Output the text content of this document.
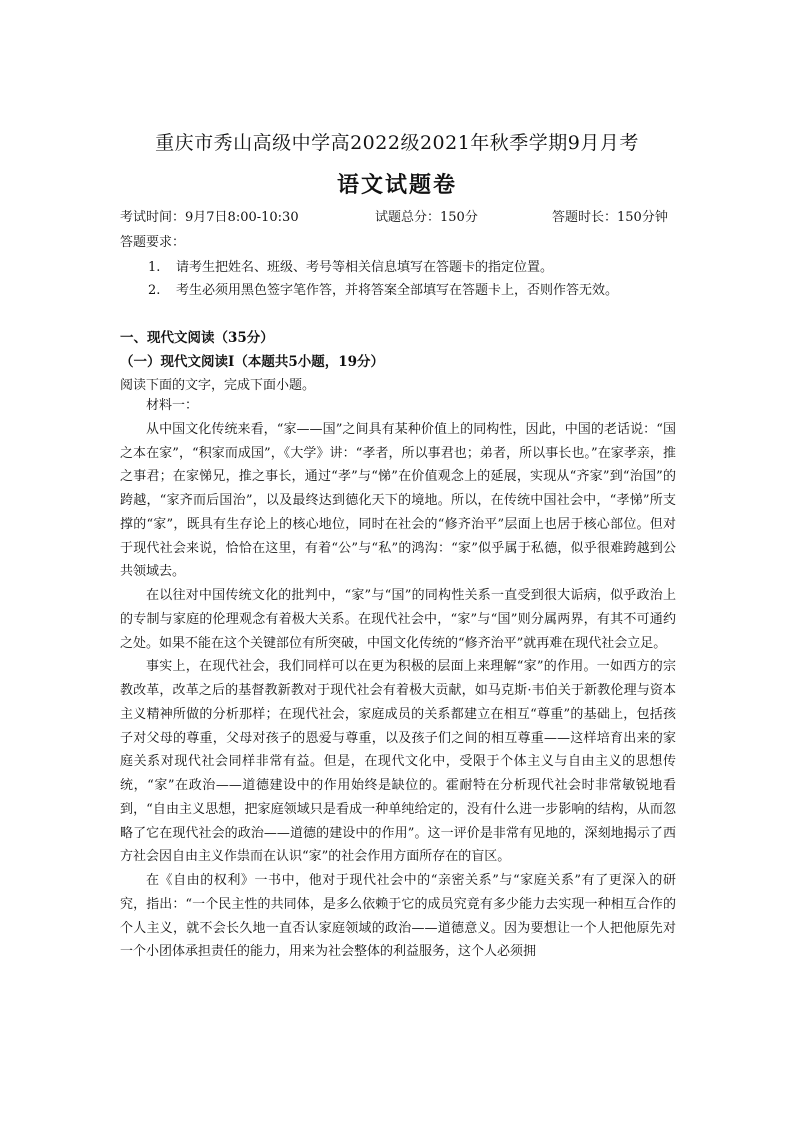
重庆市秀山高级中学高2022级2021年秋季学期9月月考
语文试题卷
考试时间：9月7日8:00-10:30	试题总分：150分	答题时长：150分钟
答题要求：
1. 请考生把姓名、班级、考号等相关信息填写在答题卡的指定位置。
2. 考生必须用黑色签字笔作答，并将答案全部填写在答题卡上，否则作答无效。
一、现代文阅读（35分）
（一）现代文阅读Ⅰ（本题共5小题，19分）
阅读下面的文字，完成下面小题。

材料一：

从中国文化传统来看，“家——国”之间具有某种价值上的同构性，因此，中国的老话说：“国之本在家”，“积家而成国”，《大学》讲：“孝者，所以事君也；弟者，所以事长也。”在家孝亲，推之事君；在家悌兄，推之事长，通过“孝”与“悌”在价值观念上的延展，实现从“齐家”到“治国”的跨越，“家齐而后国治”，以及最终达到德化天下的境地。所以，在传统中国社会中，“孝悌”所支撑的“家”，既具有生存论上的核心地位，同时在社会的“修齐治平”层面上也居于核心部位。但对于现代社会来说，恰恰在这里，有着“公”与“私”的鸿沟：“家”似乎属于私德，似乎很难跨越到公共领域去。

在以往对中国传统文化的批判中，“家”与“国”的同构性关系一直受到很大诟病，似乎政治上的专制与家庭的伦理观念有着极大关系。在现代社会中，“家”与“国”则分属两界，有其不可通约之处。如果不能在这个关键部位有所突破，中国文化传统的“修齐治平”就再难在现代社会立足。

事实上，在现代社会，我们同样可以在更为积极的层面上来理解“家”的作用。一如西方的宗教改革，改革之后的基督教新教对于现代社会有着极大贡献，如马克斯·韦伯关于新教伦理与资本主义精神所做的分析那样；在现代社会，家庭成员的关系都建立在相互“尊重”的基础上，包括孩子对父母的尊重，父母对孩子的恩爱与尊重，以及孩子们之间的相互尊重——这样培育出来的家庭关系对现代社会同样非常有益。但是，在现代文化中，受限于个体主义与自由主义的思想传统，“家”在政治——道德建设中的作用始终是缺位的。霍耐特在分析现代社会时非常敏锐地看到，“自由主义思想，把家庭领域只是看成一种单纯给定的，没有什么进一步影响的结构，从而忽略了它在现代社会的政治——道德的建设中的作用”。这一评价是非常有见地的，深刻地揭示了西方社会因自由主义作祟而在认识“家”的社会作用方面所存在的盲区。

在《自由的权利》一书中，他对于现代社会中的“亲密关系”与“家庭关系”有了更深入的研究，指出：“一个民主性的共同体，是多么依赖于它的成员究竟有多少能力去实现一种相互合作的个人主义，就不会长久地一直否认家庭领域的政治——道德意义。因为要想让一个人把他原先对一个小团体承担责任的能力，用来为社会整体的利益服务，这个人必须拥
